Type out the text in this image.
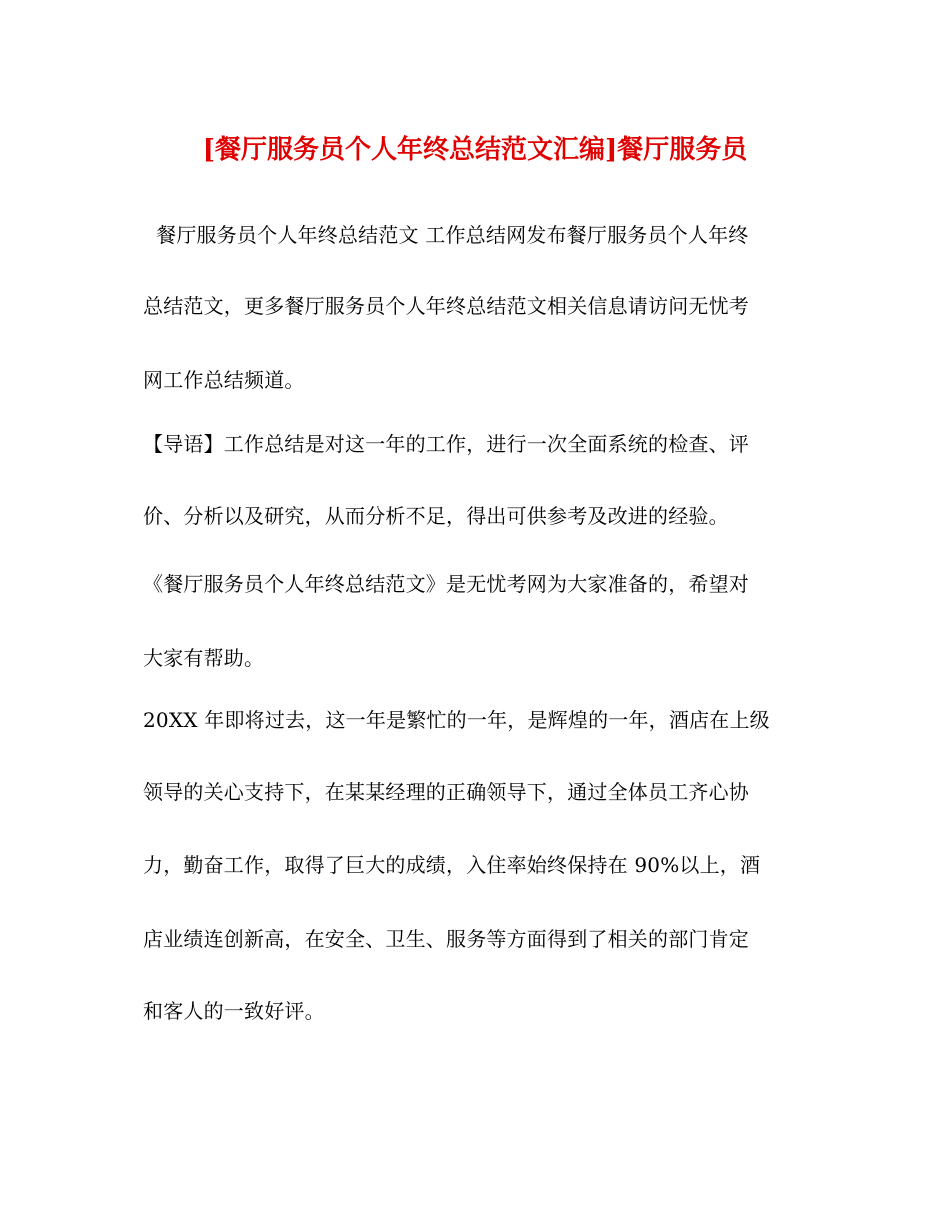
[餐厅服务员个人年终总结范文汇编]餐厅服务员
餐厅服务员个人年终总结范文 工作总结网发布餐厅服务员个人年终
总结范文，更多餐厅服务员个人年终总结范文相关信息请访问无忧考
网工作总结频道。
【导语】工作总结是对这一年的工作，进行一次全面系统的检查、评
价、分析以及研究，从而分析不足，得出可供参考及改进的经验。
《餐厅服务员个人年终总结范文》是无忧考网为大家准备的，希望对
大家有帮助。
20XX 年即将过去，这一年是繁忙的一年，是辉煌的一年，酒店在上级
领导的关心支持下，在某某经理的正确领导下，通过全体员工齐心协
力，勤奋工作，取得了巨大的成绩，入住率始终保持在 90%以上，酒
店业绩连创新高，在安全、卫生、服务等方面得到了相关的部门肯定
和客人的一致好评。
